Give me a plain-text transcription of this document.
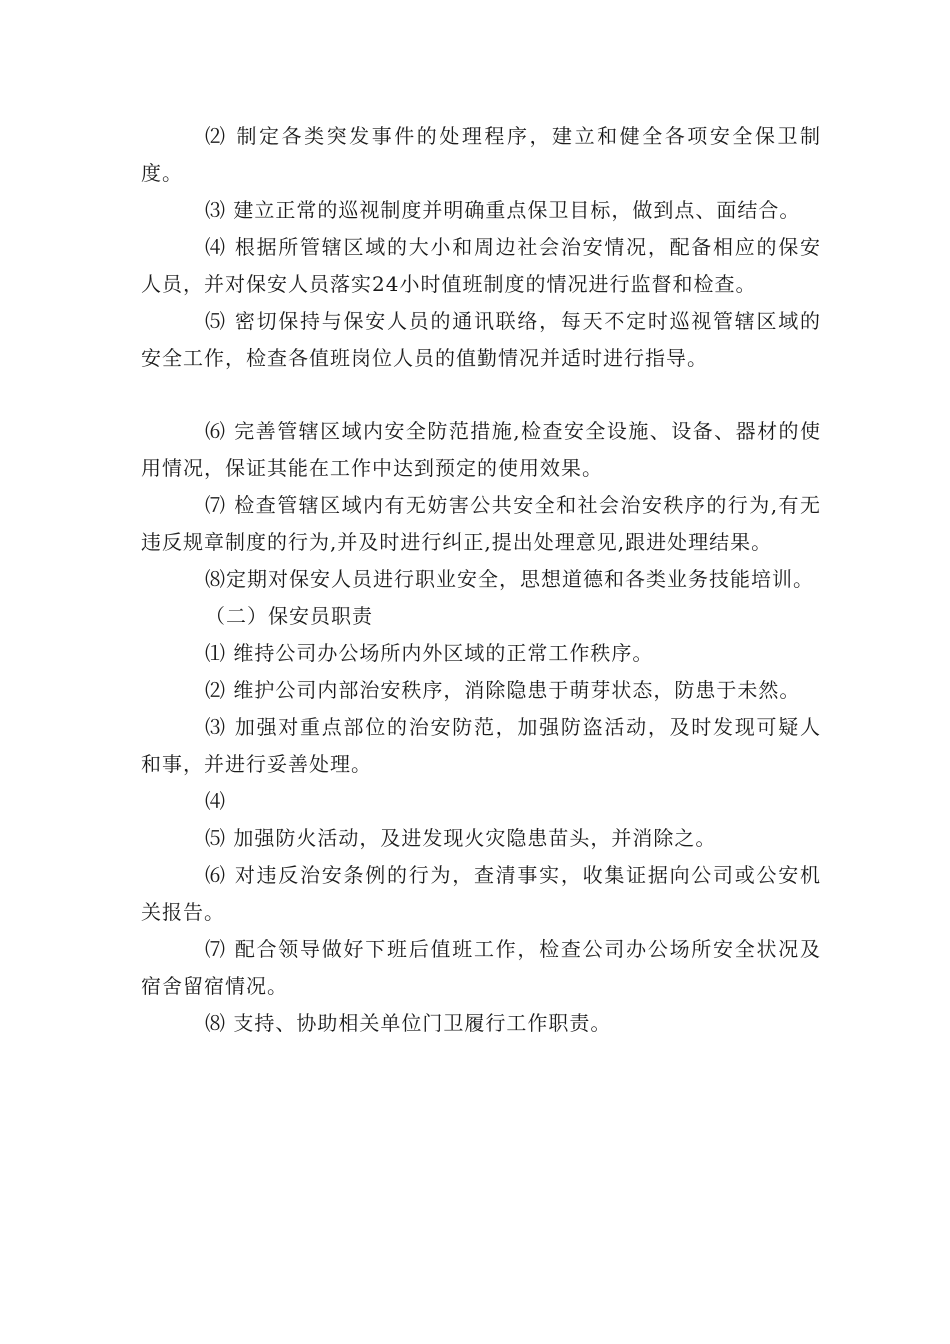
⑵ 制定各类突发事件的处理程序，建立和健全各项安全保卫制度。

⑶ 建立正常的巡视制度并明确重点保卫目标，做到点、面结合。

⑷ 根据所管辖区域的大小和周边社会治安情况，配备相应的保安人员，并对保安人员落实24小时值班制度的情况进行监督和检查。

⑸ 密切保持与保安人员的通讯联络，每天不定时巡视管辖区域的安全工作，检查各值班岗位人员的值勤情况并适时进行指导。

⑹ 完善管辖区域内安全防范措施,检查安全设施、设备、器材的使用情况，保证其能在工作中达到预定的使用效果。

⑺ 检查管辖区域内有无妨害公共安全和社会治安秩序的行为,有无违反规章制度的行为,并及时进行纠正,提出处理意见,跟进处理结果。

⑻定期对保安人员进行职业安全，思想道德和各类业务技能培训。

（二）保安员职责

⑴ 维持公司办公场所内外区域的正常工作秩序。

⑵ 维护公司内部治安秩序，消除隐患于萌芽状态，防患于未然。

⑶ 加强对重点部位的治安防范，加强防盗活动，及时发现可疑人和事，并进行妥善处理。

⑷

⑸ 加强防火活动，及进发现火灾隐患苗头，并消除之。

⑹ 对违反治安条例的行为，查清事实，收集证据向公司或公安机关报告。

⑺ 配合领导做好下班后值班工作，检查公司办公场所安全状况及宿舍留宿情况。

⑻ 支持、协助相关单位门卫履行工作职责。
